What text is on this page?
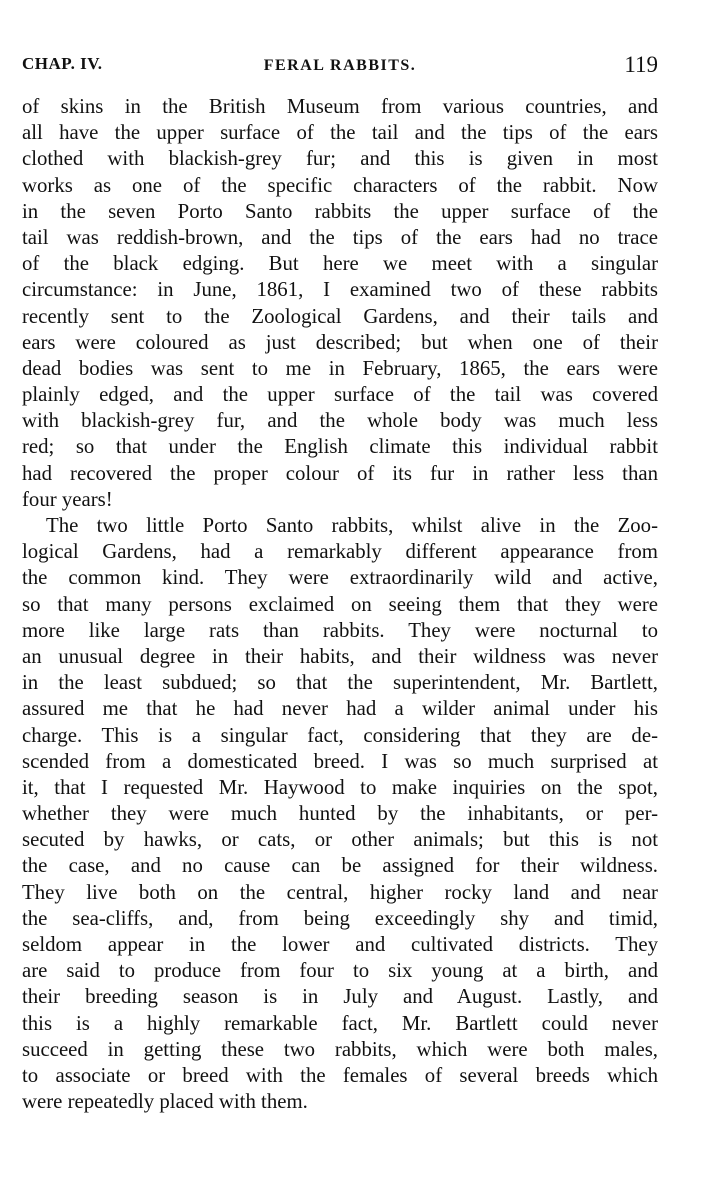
CHAP. IV.	FERAL RABBITS.	119
of skins in the British Museum from various countries, and
all have the upper surface of the tail and the tips of the ears
clothed with blackish-grey fur; and this is given in most
works as one of the specific characters of the rabbit. Now
in the seven Porto Santo rabbits the upper surface of the
tail was reddish-brown, and the tips of the ears had no trace
of the black edging. But here we meet with a singular
circumstance: in June, 1861, I examined two of these rabbits
recently sent to the Zoological Gardens, and their tails and
ears were coloured as just described; but when one of their
dead bodies was sent to me in February, 1865, the ears were
plainly edged, and the upper surface of the tail was covered
with blackish-grey fur, and the whole body was much less
red; so that under the English climate this individual rabbit
had recovered the proper colour of its fur in rather less than
four years!
The two little Porto Santo rabbits, whilst alive in the Zoo-
logical Gardens, had a remarkably different appearance from
the common kind. They were extraordinarily wild and active,
so that many persons exclaimed on seeing them that they were
more like large rats than rabbits. They were nocturnal to
an unusual degree in their habits, and their wildness was never
in the least subdued; so that the superintendent, Mr. Bartlett,
assured me that he had never had a wilder animal under his
charge. This is a singular fact, considering that they are de-
scended from a domesticated breed. I was so much surprised at
it, that I requested Mr. Haywood to make inquiries on the spot,
whether they were much hunted by the inhabitants, or per-
secuted by hawks, or cats, or other animals; but this is not
the case, and no cause can be assigned for their wildness.
They live both on the central, higher rocky land and near
the sea-cliffs, and, from being exceedingly shy and timid,
seldom appear in the lower and cultivated districts. They
are said to produce from four to six young at a birth, and
their breeding season is in July and August. Lastly, and
this is a highly remarkable fact, Mr. Bartlett could never
succeed in getting these two rabbits, which were both males,
to associate or breed with the females of several breeds which
were repeatedly placed with them.
